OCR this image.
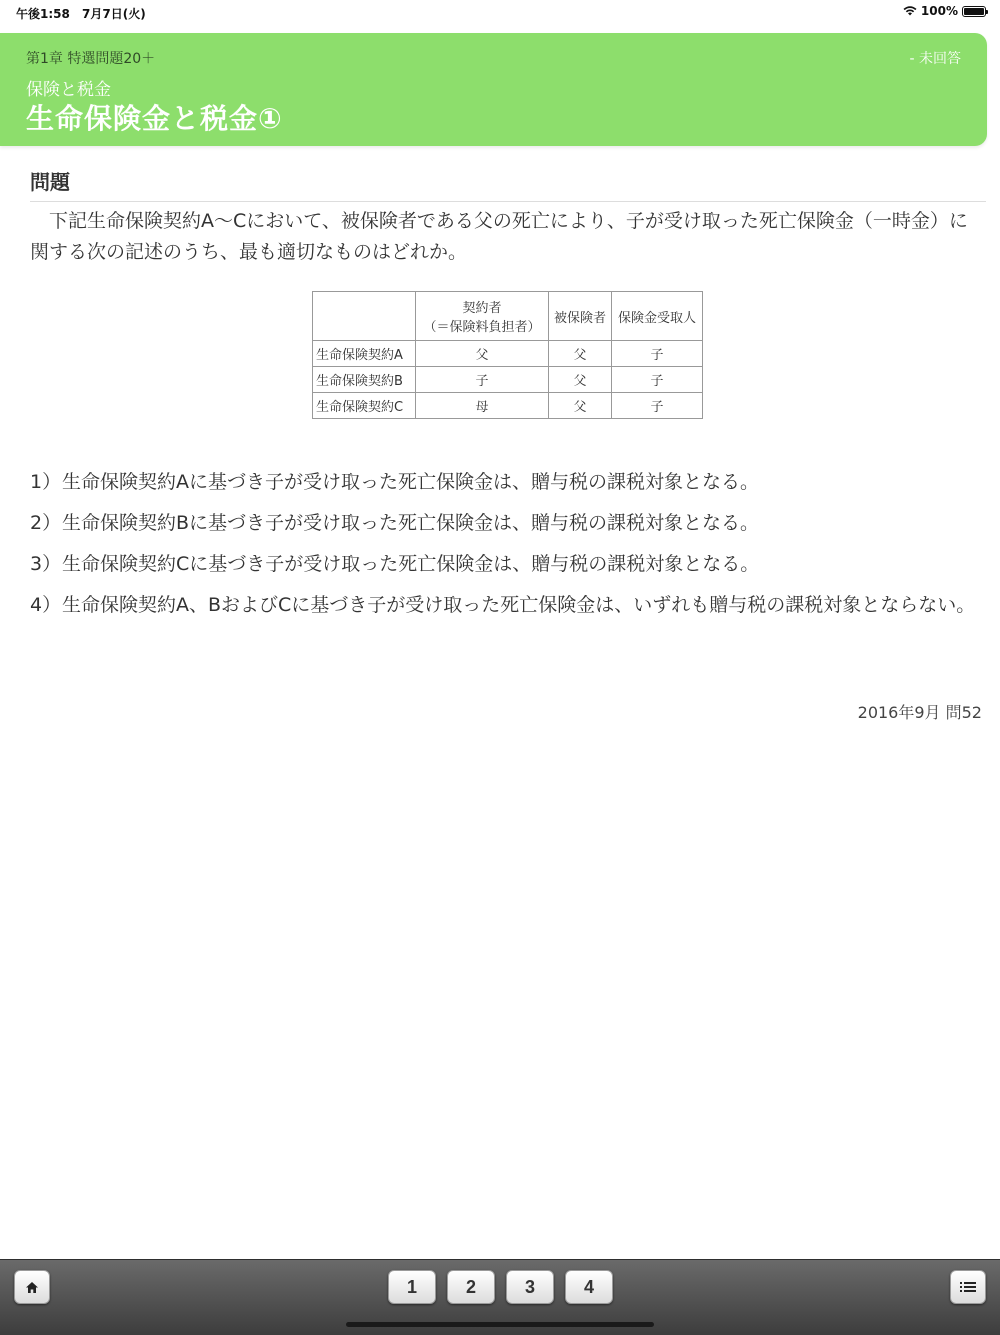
午後1:58 7月7日(火)	100%
第1章 特選問題20＋	- 未回答
保険と税金
生命保険金と税金①
問題
下記生命保険契約A〜Cにおいて、被保険者である父の死亡により、子が受け取った死亡保険金（一時金）に関する次の記述のうち、最も適切なものはどれか。
	契約者
（＝保険料負担者）	被保険者	保険金受取人
生命保険契約A	父	父	子
生命保険契約B	子	父	子
生命保険契約C	母	父	子
1） 生命保険契約Aに基づき子が受け取った死亡保険金は、贈与税の課税対象となる。
2） 生命保険契約Bに基づき子が受け取った死亡保険金は、贈与税の課税対象となる。
3） 生命保険契約Cに基づき子が受け取った死亡保険金は、贈与税の課税対象となる。
4） 生命保険契約A、BおよびCに基づき子が受け取った死亡保険金は、いずれも贈与税の課税対象とならない。
2016年9月 問52
1	2	3	4
